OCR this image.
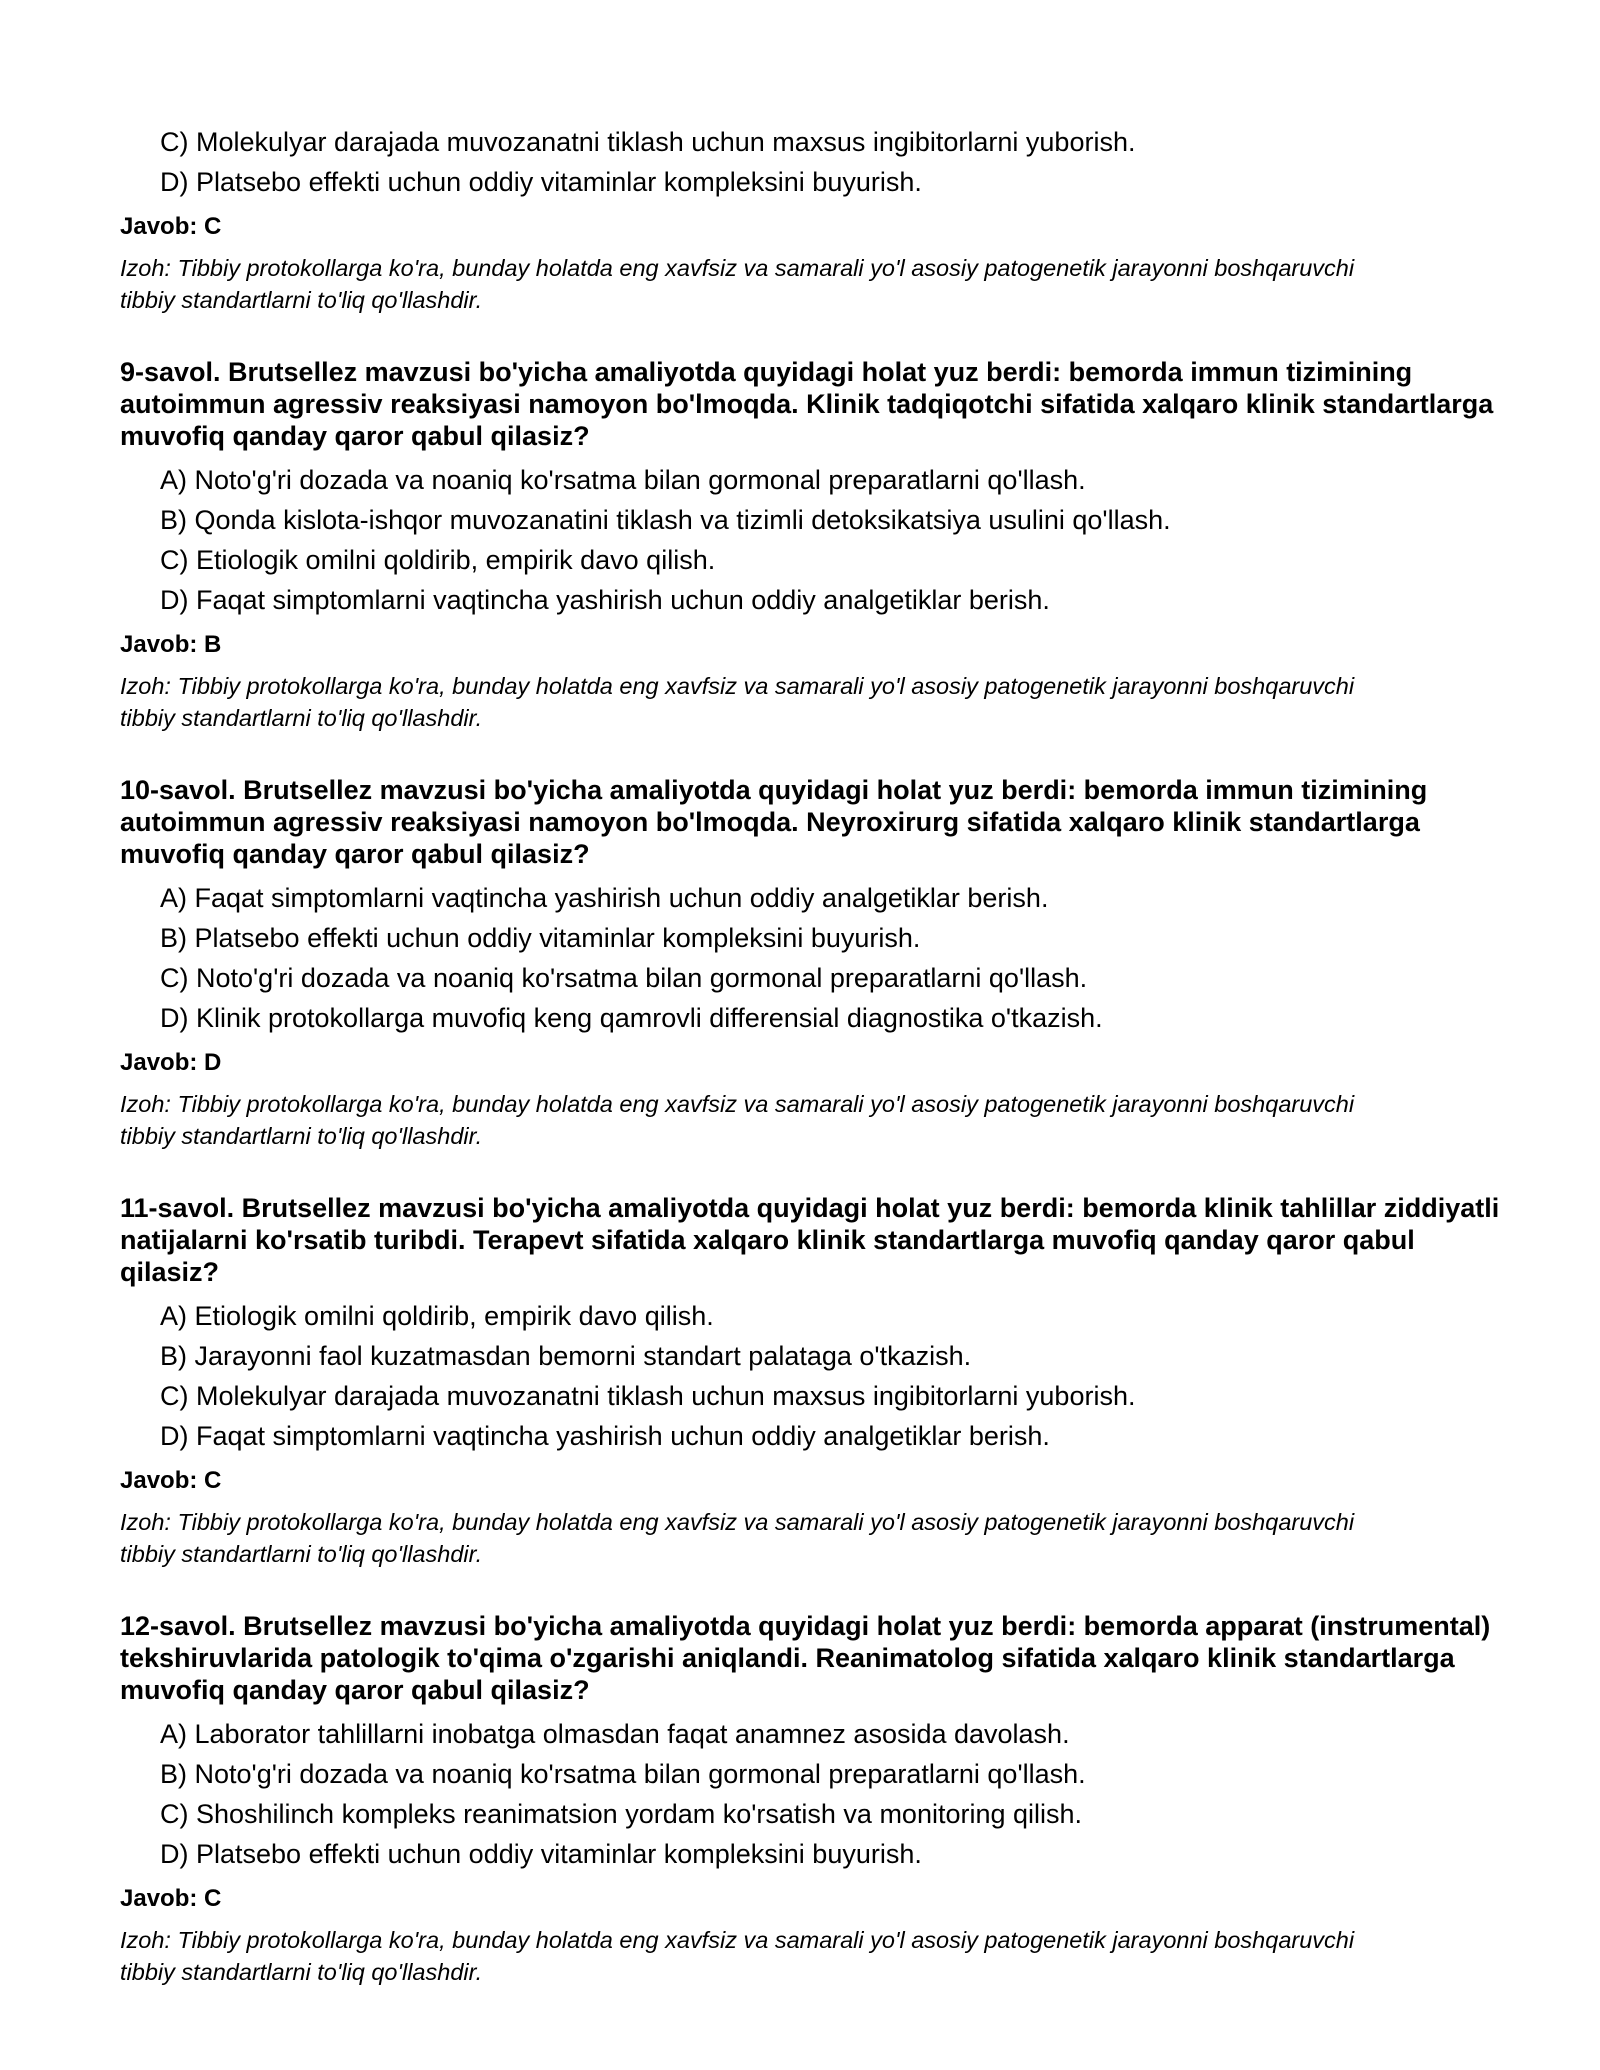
C) Molekulyar darajada muvozanatni tiklash uchun maxsus ingibitorlarni yuborish.
D) Platsebo effekti uchun oddiy vitaminlar kompleksini buyurish.
Javob: C
Izoh: Tibbiy protokollarga ko'ra, bunday holatda eng xavfsiz va samarali yo'l asosiy patogenetik jarayonni boshqaruvchi tibbiy standartlarni to'liq qo'llashdir.
9-savol. Brutsellez mavzusi bo'yicha amaliyotda quyidagi holat yuz berdi: bemorda immun tizimining autoimmun agressiv reaksiyasi namoyon bo'lmoqda. Klinik tadqiqotchi sifatida xalqaro klinik standartlarga muvofiq qanday qaror qabul qilasiz?
A) Noto'g'ri dozada va noaniq ko'rsatma bilan gormonal preparatlarni qo'llash.
B) Qonda kislota-ishqor muvozanatini tiklash va tizimli detoksikatsiya usulini qo'llash.
C) Etiologik omilni qoldirib, empirik davo qilish.
D) Faqat simptomlarni vaqtincha yashirish uchun oddiy analgetiklar berish.
Javob: B
Izoh: Tibbiy protokollarga ko'ra, bunday holatda eng xavfsiz va samarali yo'l asosiy patogenetik jarayonni boshqaruvchi tibbiy standartlarni to'liq qo'llashdir.
10-savol. Brutsellez mavzusi bo'yicha amaliyotda quyidagi holat yuz berdi: bemorda immun tizimining autoimmun agressiv reaksiyasi namoyon bo'lmoqda. Neyroxirurg sifatida xalqaro klinik standartlarga muvofiq qanday qaror qabul qilasiz?
A) Faqat simptomlarni vaqtincha yashirish uchun oddiy analgetiklar berish.
B) Platsebo effekti uchun oddiy vitaminlar kompleksini buyurish.
C) Noto'g'ri dozada va noaniq ko'rsatma bilan gormonal preparatlarni qo'llash.
D) Klinik protokollarga muvofiq keng qamrovli differensial diagnostika o'tkazish.
Javob: D
Izoh: Tibbiy protokollarga ko'ra, bunday holatda eng xavfsiz va samarali yo'l asosiy patogenetik jarayonni boshqaruvchi tibbiy standartlarni to'liq qo'llashdir.
11-savol. Brutsellez mavzusi bo'yicha amaliyotda quyidagi holat yuz berdi: bemorda klinik tahlillar ziddiyatli natijalarni ko'rsatib turibdi. Terapevt sifatida xalqaro klinik standartlarga muvofiq qanday qaror qabul qilasiz?
A) Etiologik omilni qoldirib, empirik davo qilish.
B) Jarayonni faol kuzatmasdan bemorni standart palataga o'tkazish.
C) Molekulyar darajada muvozanatni tiklash uchun maxsus ingibitorlarni yuborish.
D) Faqat simptomlarni vaqtincha yashirish uchun oddiy analgetiklar berish.
Javob: C
Izoh: Tibbiy protokollarga ko'ra, bunday holatda eng xavfsiz va samarali yo'l asosiy patogenetik jarayonni boshqaruvchi tibbiy standartlarni to'liq qo'llashdir.
12-savol. Brutsellez mavzusi bo'yicha amaliyotda quyidagi holat yuz berdi: bemorda apparat (instrumental) tekshiruvlarida patologik to'qima o'zgarishi aniqlandi. Reanimatolog sifatida xalqaro klinik standartlarga muvofiq qanday qaror qabul qilasiz?
A) Laborator tahlillarni inobatga olmasdan faqat anamnez asosida davolash.
B) Noto'g'ri dozada va noaniq ko'rsatma bilan gormonal preparatlarni qo'llash.
C) Shoshilinch kompleks reanimatsion yordam ko'rsatish va monitoring qilish.
D) Platsebo effekti uchun oddiy vitaminlar kompleksini buyurish.
Javob: C
Izoh: Tibbiy protokollarga ko'ra, bunday holatda eng xavfsiz va samarali yo'l asosiy patogenetik jarayonni boshqaruvchi tibbiy standartlarni to'liq qo'llashdir.
